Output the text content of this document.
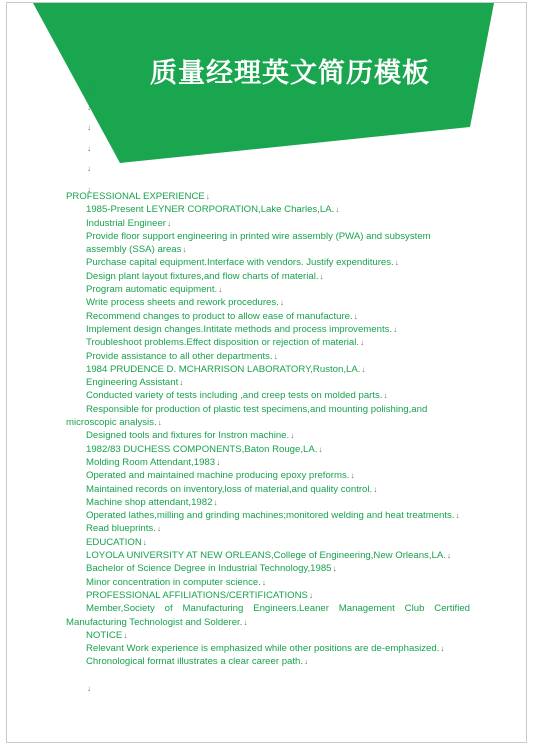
质量经理英文简历模板
↓
↓
↓
↓
↓
↓
PROFESSIONAL EXPERIENCE↓
1985-Present LEYNER CORPORATION,Lake Charles,LA.↓
Industrial Engineer↓
Provide floor support engineering in printed wire assembly (PWA) and subsystem assembly (SSA) areas↓
Purchase capital equipment.Interface with vendors. Justify expenditures.↓
Design plant layout fixtures,and flow charts of material.↓
Program automatic equipment.↓
Write process sheets and rework procedures.↓
Recommend changes to product to allow ease of manufacture.↓
Implement design changes.Intitate methods and process improvements.↓
Troubleshoot problems.Effect disposition or rejection of material.↓
Provide assistance to all other departments.↓
1984 PRUDENCE D. MCHARRISON LABORATORY,Ruston,LA.↓
Engineering Assistant↓
Conducted variety of tests including ,and creep tests on molded parts.↓
Responsible for production of plastic test specimens,and mounting polishing,and microscopic analysis.↓
Designed tools and fixtures for Instron machine.↓
1982/83 DUCHESS COMPONENTS,Baton Rouge,LA.↓
Molding Room Attendant,1983↓
Operated and maintained machine producing epoxy preforms.↓
Maintained records on inventory,loss of material,and quality control.↓
Machine shop attendant,1982↓
Operated lathes,milling and grinding machines;monitored welding and heat treatments.↓
Read blueprints.↓
EDUCATION↓
LOYOLA UNIVERSITY AT NEW ORLEANS,College of Engineering,New Orleans,LA.↓
Bachelor of Science Degree in Industrial Technology,1985↓
Minor concentration in computer science.↓
PROFESSIONAL AFFILIATIONS/CERTIFICATIONS↓
Member,Society of Manufacturing Engineers.Leaner Management Club Certified Manufacturing Technologist and Solderer.↓
NOTICE↓
Relevant Work experience is emphasized while other positions are de-emphasized.↓
Chronological format illustrates a clear career path.↓
↓
